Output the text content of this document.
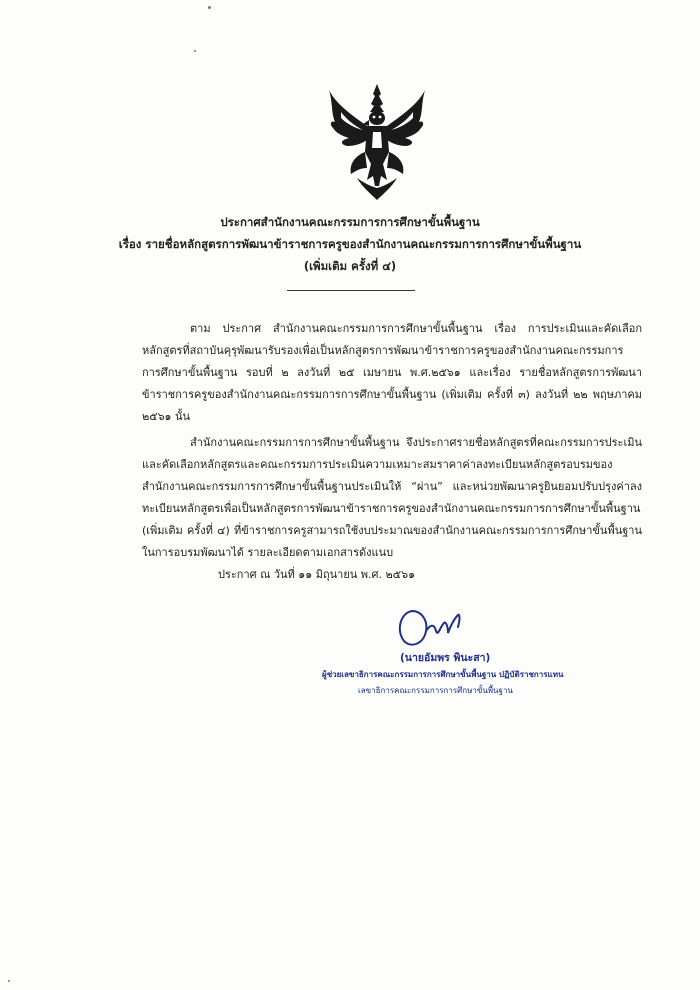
ประกาศสำนักงานคณะกรรมการการศึกษาขั้นพื้นฐาน
เรื่อง รายชื่อหลักสูตรการพัฒนาข้าราชการครูของสำนักงานคณะกรรมการการศึกษาขั้นพื้นฐาน
(เพิ่มเติม ครั้งที่ ๔)
ตาม ประกาศ สำนักงานคณะกรรมการการศึกษาขั้นพื้นฐาน เรื่อง การประเมินและคัดเลือกหลักสูตรที่สถาบันคุรุพัฒนารับรองเพื่อเป็นหลักสูตรการพัฒนาข้าราชการครูของสำนักงานคณะกรรมการการศึกษาขั้นพื้นฐาน รอบที่ ๒ ลงวันที่ ๒๕ เมษายน พ.ศ.๒๕๖๑ และเรื่อง รายชื่อหลักสูตรการพัฒนาข้าราชการครูของสำนักงานคณะกรรมการการศึกษาขั้นพื้นฐาน (เพิ่มเติม ครั้งที่ ๓) ลงวันที่ ๒๒ พฤษภาคม ๒๕๖๑ นั้น
สำนักงานคณะกรรมการการศึกษาขั้นพื้นฐาน จึงประกาศรายชื่อหลักสูตรที่คณะกรรมการประเมินและคัดเลือกหลักสูตรและคณะกรรมการประเมินความเหมาะสมราคาค่าลงทะเบียนหลักสูตรอบรมของสำนักงานคณะกรรมการการศึกษาขั้นพื้นฐานประเมินให้ “ผ่าน” และหน่วยพัฒนาครูยินยอมปรับปรุงค่าลงทะเบียนหลักสูตรเพื่อเป็นหลักสูตรการพัฒนาข้าราชการครูของสำนักงานคณะกรรมการการศึกษาขั้นพื้นฐาน (เพิ่มเติม ครั้งที่ ๔) ที่ข้าราชการครูสามารถใช้งบประมาณของสำนักงานคณะกรรมการการศึกษาขั้นพื้นฐานในการอบรมพัฒนาได้ รายละเอียดตามเอกสารดังแนบ
ประกาศ ณ วันที่ ๑๑ มิถุนายน พ.ศ. ๒๕๖๑
(นายอัมพร พินะสา)
ผู้ช่วยเลขาธิการคณะกรรมการการศึกษาขั้นพื้นฐาน ปฏิบัติราชการแทน
เลขาธิการคณะกรรมการการศึกษาขั้นพื้นฐาน
